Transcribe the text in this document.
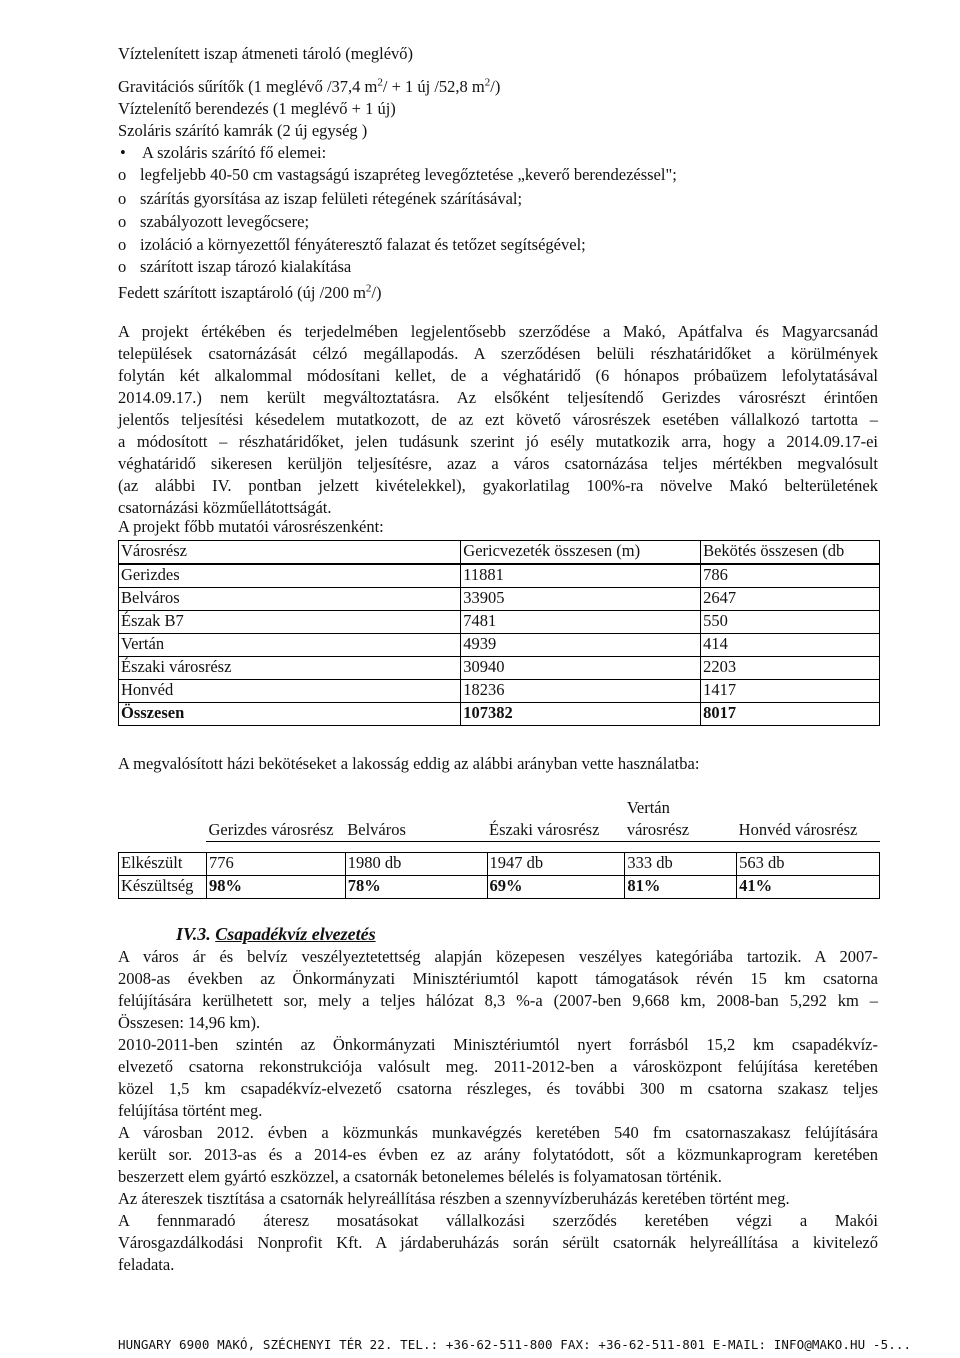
Víztelenített iszap átmeneti tároló (meglévő)
Gravitációs sűrítők (1 meglévő /37,4 $m^2/ + 1$ új /52,8 $m^2/$)
Víztelenítő berendezés (1 meglévő + 1 új)
Szoláris szárító kamrák (2 új egység )
• A szoláris szárító fő elemei:
o legfeljebb 40-50 cm vastagságú iszapréteg levegőztetése „keverő berendezéssel";
o szárítás gyorsítása az iszap felületi rétegének szárításával;
o szabályozott levegőcsere;
o izoláció a környezettől fényáteresztő falazat és tetőzet segítségével;
o szárított iszap tározó kialakítása
Fedett szárított iszaptároló (új /200 $m^2/$)
A projekt értékében és terjedelmében legjelentősebb szerződése a Makó, Apátfalva és Magyarcsanád
települések csatornázását célzó megállapodás. A szerződésen belüli részhatáridőket a körülmények
folytán két alkalommal módosítani kellet, de a véghatáridő (6 hónapos próbaüzem lefolytatásával
2014.09.17.) nem került megváltoztatásra. Az elsőként teljesítendő Gerizdes városrészt érintően
jelentős teljesítési késedelem mutatkozott, de az ezt követő városrészek esetében vállalkozó tartotta –
a módosított – részhatáridőket, jelen tudásunk szerint jó esély mutatkozik arra, hogy a 2014.09.17-ei
véghatáridő sikeresen kerüljön teljesítésre, azaz a város csatornázása teljes mértékben megvalósult
(az alábbi IV. pontban jelzett kivételekkel), gyakorlatilag 100%-ra növelve Makó belterületének
csatornázási közműellátottságát.
A projekt főbb mutatói városrészenként:
Városrész	Gericvezeték összesen (m)	Bekötés összesen (db
Gerizdes	11881	786
Belváros	33905	2647
Észak B7	7481	550
Vertán	4939	414
Északi városrész	30940	2203
Honvéd	18236	1417
Összesen	107382	8017
A megvalósított házi bekötéseket a lakosság eddig az alábbi arányban vette használatba:
	Gerizdes városrész	Belváros	Északi városrész	Vertán városrész	Honvéd városrész

Elkészült	776	1980 db	1947 db	333 db	563 db
Készültség	98%	78%	69%	81%	41%
IV.3. Csapadékvíz elvezetés
A város ár és belvíz veszélyeztetettség alapján közepesen veszélyes kategóriába tartozik. A 2007-
2008-as években az Önkormányzati Minisztériumtól kapott támogatások révén 15 km csatorna
felújítására kerülhetett sor, mely a teljes hálózat 8,3 %-a (2007-ben 9,668 km, 2008-ban 5,292 km –
Összesen: 14,96 km).
2010-2011-ben szintén az Önkormányzati Minisztériumtól nyert forrásból 15,2 km csapadékvíz-
elvezető csatorna rekonstrukciója valósult meg. 2011-2012-ben a városközpont felújítása keretében
közel 1,5 km csapadékvíz-elvezető csatorna részleges, és további 300 m csatorna szakasz teljes
felújítása történt meg.
A városban 2012. évben a közmunkás munkavégzés keretében 540 fm csatornaszakasz felújítására
került sor. 2013-as és a 2014-es évben ez az arány folytatódott, sőt a közmunkaprogram keretében
beszerzett elem gyártó eszközzel, a csatornák betonelemes bélelés is folyamatosan történik.
Az átereszek tisztítása a csatornák helyreállítása részben a szennyvízberuházás keretében történt meg.
A fennmaradó áteresz mosatásokat vállalkozási szerződés keretében végzi a Makói
Városgazdálkodási Nonprofit Kft. A járdaberuházás során sérült csatornák helyreállítása a kivitelező
feladata.
HUNGARY 6900 MAKÓ, SZÉCHENYI TÉR 22. TEL.: +36-62-511-800 FAX: +36-62-511-801 E-MAIL: INFO@MAKO.HU -5...
